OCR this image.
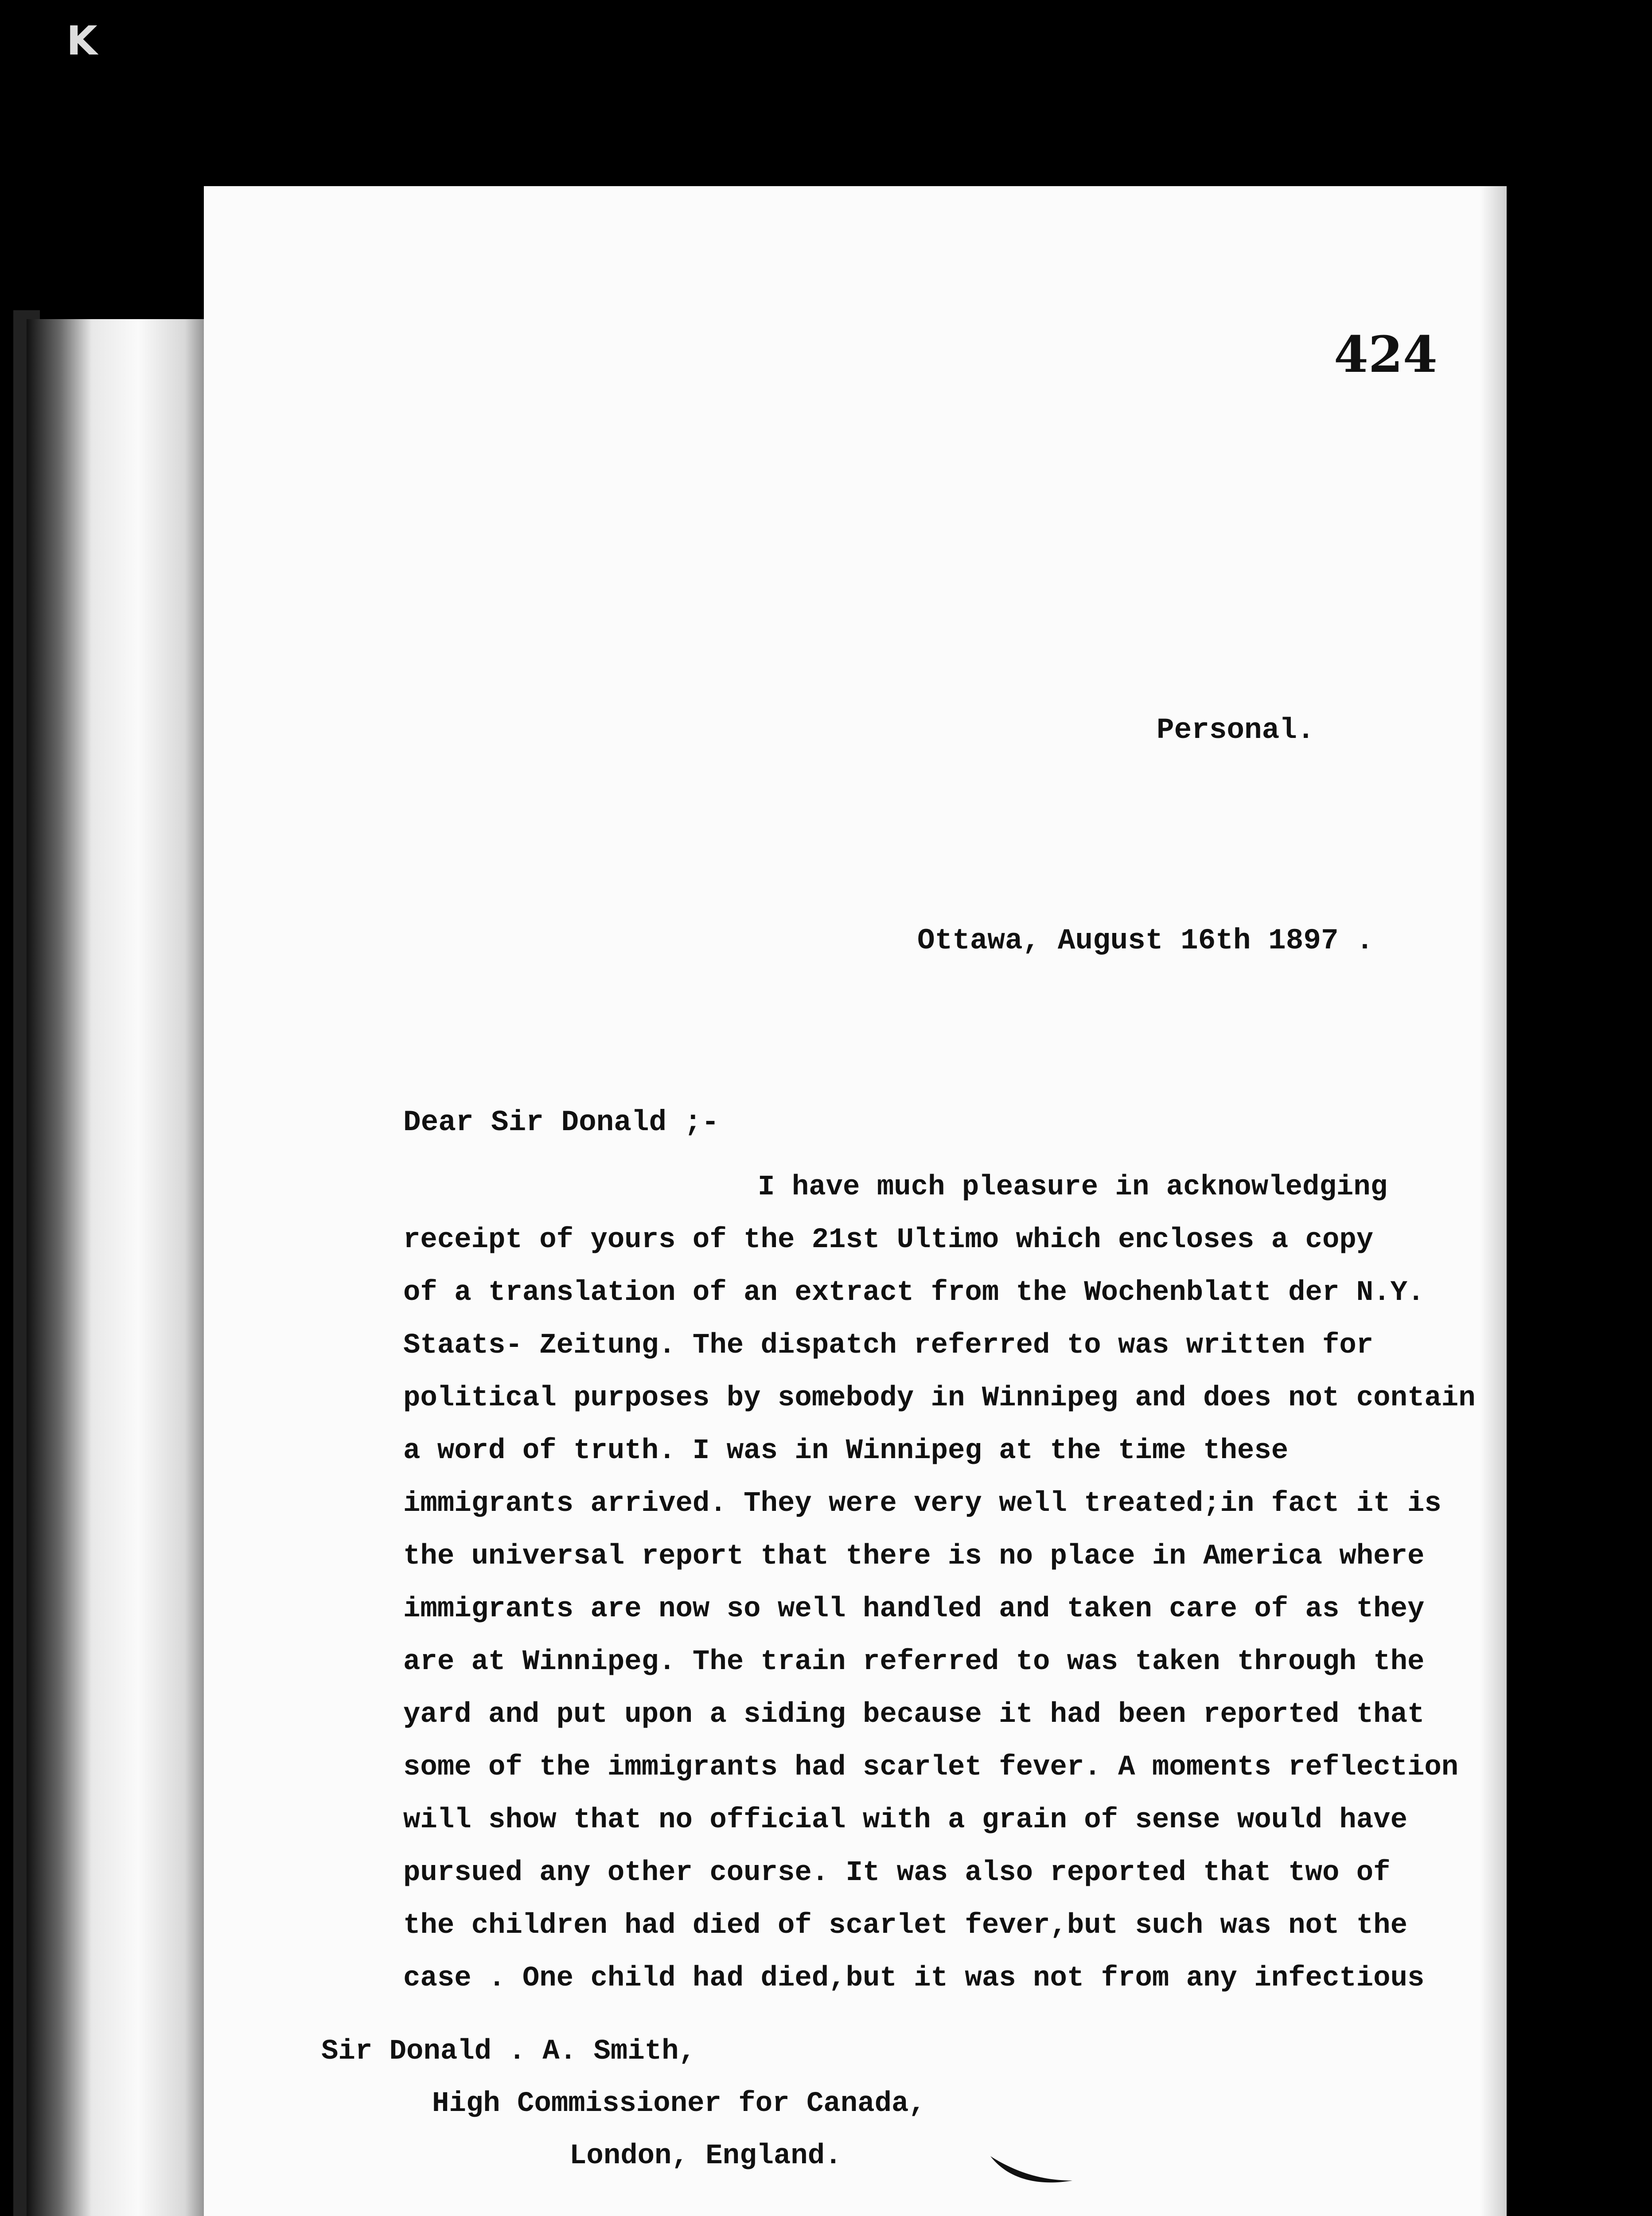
K
424
Personal.
Ottawa, August 16th 1897 .
Dear Sir Donald ;-
I have much pleasure in acknowledging
receipt of yours of the 21st Ultimo which encloses a copy
of a translation of an extract from the Wochenblatt der N.Y.
Staats- Zeitung. The dispatch referred to was written for
political purposes by somebody in Winnipeg and does not contain
a word of truth. I was in Winnipeg at the time these
immigrants arrived. They were very well treated;in fact it is
the universal report that there is no place in America where
immigrants are now so well handled and taken care of as they
are at Winnipeg. The train referred to was taken through the
yard and put upon a siding because it had been reported that
some of the immigrants had scarlet fever. A moments reflection
will show that no official with a grain of sense would have
pursued any other course. It was also reported that two of
the children had died of scarlet fever,but such was not the
case . One child had died,but it was not from any infectious
Sir Donald . A. Smith,
High Commissioner for Canada,
London, England.
